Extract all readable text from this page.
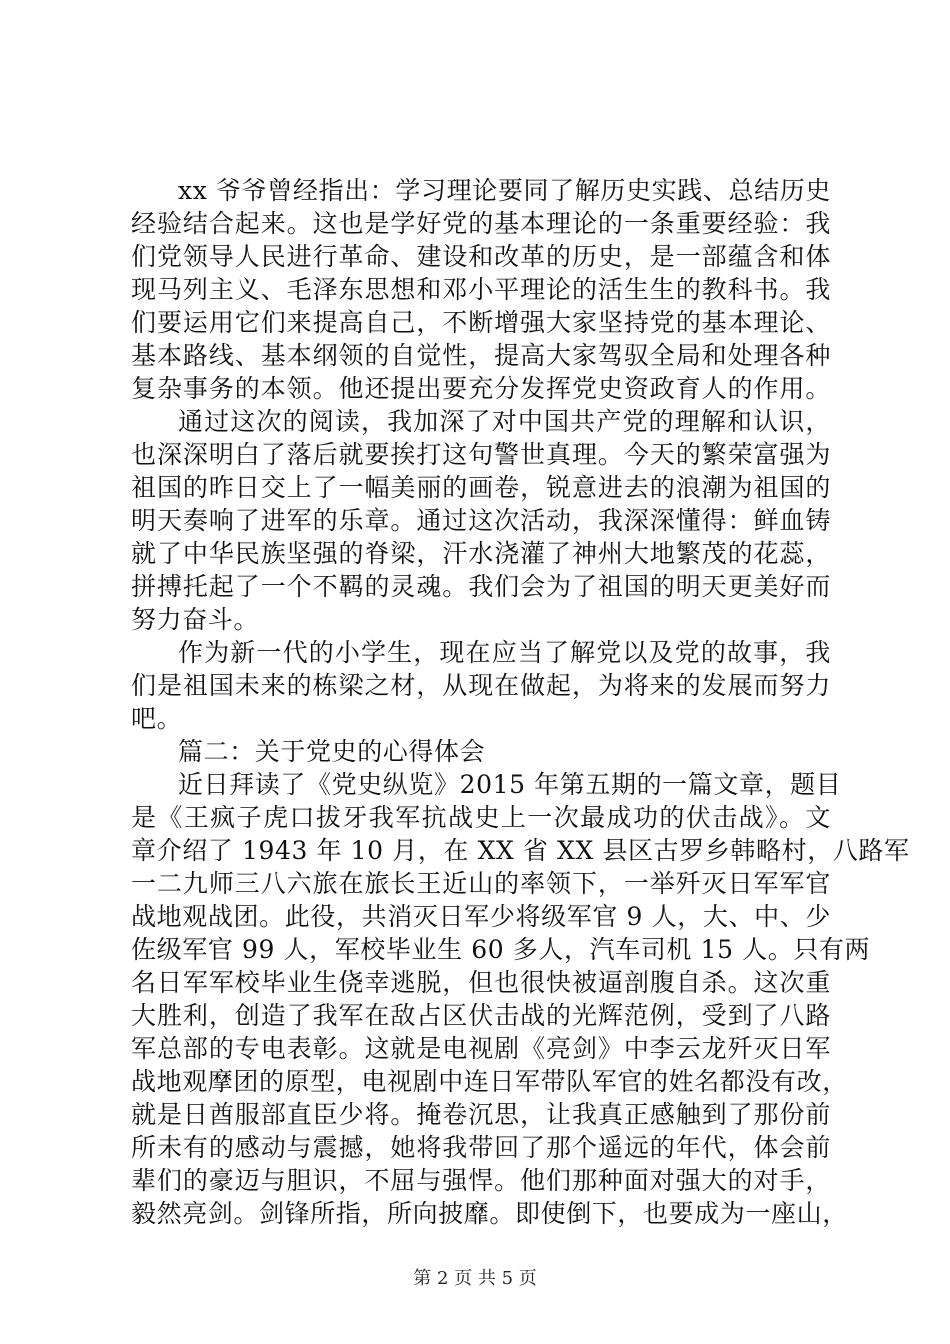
xx 爷爷曾经指出：学习理论要同了解历史实践、总结历史
经验结合起来。这也是学好党的基本理论的一条重要经验：我
们党领导人民进行革命、建设和改革的历史，是一部蕴含和体
现马列主义、毛泽东思想和邓小平理论的活生生的教科书。我
们要运用它们来提高自己，不断增强大家坚持党的基本理论、
基本路线、基本纲领的自觉性，提高大家驾驭全局和处理各种
复杂事务的本领。他还提出要充分发挥党史资政育人的作用。
通过这次的阅读，我加深了对中国共产党的理解和认识，
也深深明白了落后就要挨打这句警世真理。今天的繁荣富强为
祖国的昨日交上了一幅美丽的画卷，锐意进去的浪潮为祖国的
明天奏响了进军的乐章。通过这次活动，我深深懂得：鲜血铸
就了中华民族坚强的脊梁，汗水浇灌了神州大地繁茂的花蕊，
拼搏托起了一个不羁的灵魂。我们会为了祖国的明天更美好而
努力奋斗。
作为新一代的小学生，现在应当了解党以及党的故事，我
们是祖国未来的栋梁之材，从现在做起，为将来的发展而努力
吧。
篇二：关于党史的心得体会
近日拜读了《党史纵览》2015 年第五期的一篇文章，题目
是《王疯子虎口拔牙我军抗战史上一次最成功的伏击战》。文
章介绍了 1943 年 10 月，在 XX 省 XX 县区古罗乡韩略村，八路军
一二九师三八六旅在旅长王近山的率领下，一举歼灭日军军官
战地观战团。此役，共消灭日军少将级军官 9 人，大、中、少
佐级军官 99 人，军校毕业生 60 多人，汽车司机 15 人。只有两
名日军军校毕业生侥幸逃脱，但也很快被逼剖腹自杀。这次重
大胜利，创造了我军在敌占区伏击战的光辉范例，受到了八路
军总部的专电表彰。这就是电视剧《亮剑》中李云龙歼灭日军
战地观摩团的原型，电视剧中连日军带队军官的姓名都没有改，
就是日酋服部直臣少将。掩卷沉思，让我真正感触到了那份前
所未有的感动与震撼，她将我带回了那个遥远的年代，体会前
辈们的豪迈与胆识，不屈与强悍。他们那种面对强大的对手，
毅然亮剑。剑锋所指，所向披靡。即使倒下，也要成为一座山，
第 2 页 共 5 页
